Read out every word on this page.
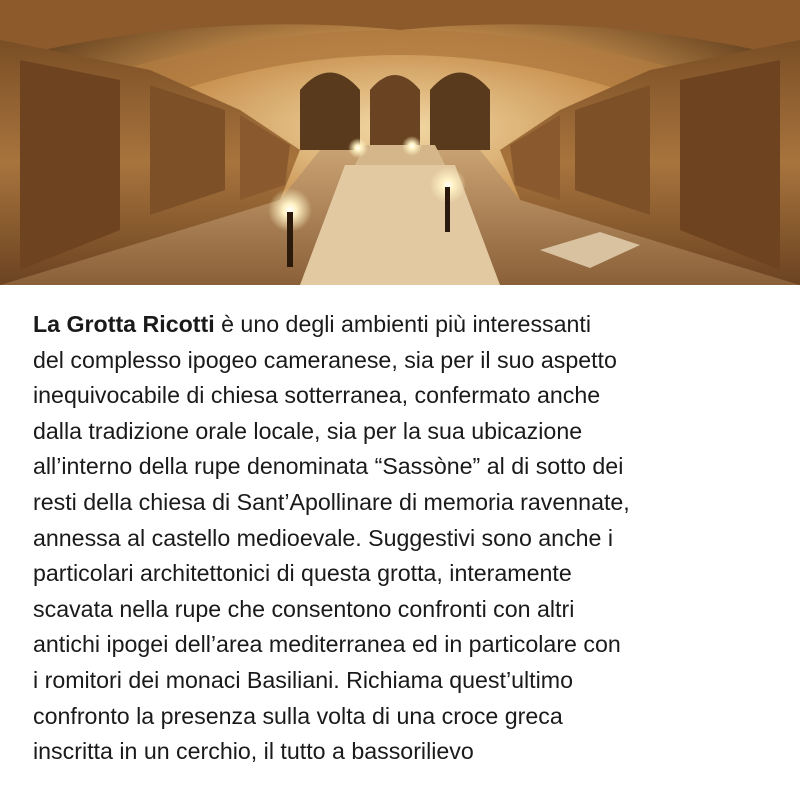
La Grotta Ricotti è uno degli ambienti più interessanti
del complesso ipogeo cameranese, sia per il suo aspetto
inequivocabile di chiesa sotterranea, confermato anche
dalla tradizione orale locale, sia per la sua ubicazione
all’interno della rupe denominata “Sassòne” al di sotto dei
resti della chiesa di Sant’Apollinare di memoria ravennate,
annessa al castello medioevale. Suggestivi sono anche i
particolari architettonici di questa grotta, interamente
scavata nella rupe che consentono confronti con altri
antichi ipogei dell’area mediterranea ed in particolare con
i romitori dei monaci Basiliani. Richiama quest’ultimo
confronto la presenza sulla volta di una croce greca
inscritta in un cerchio, il tutto a bassorilievo
